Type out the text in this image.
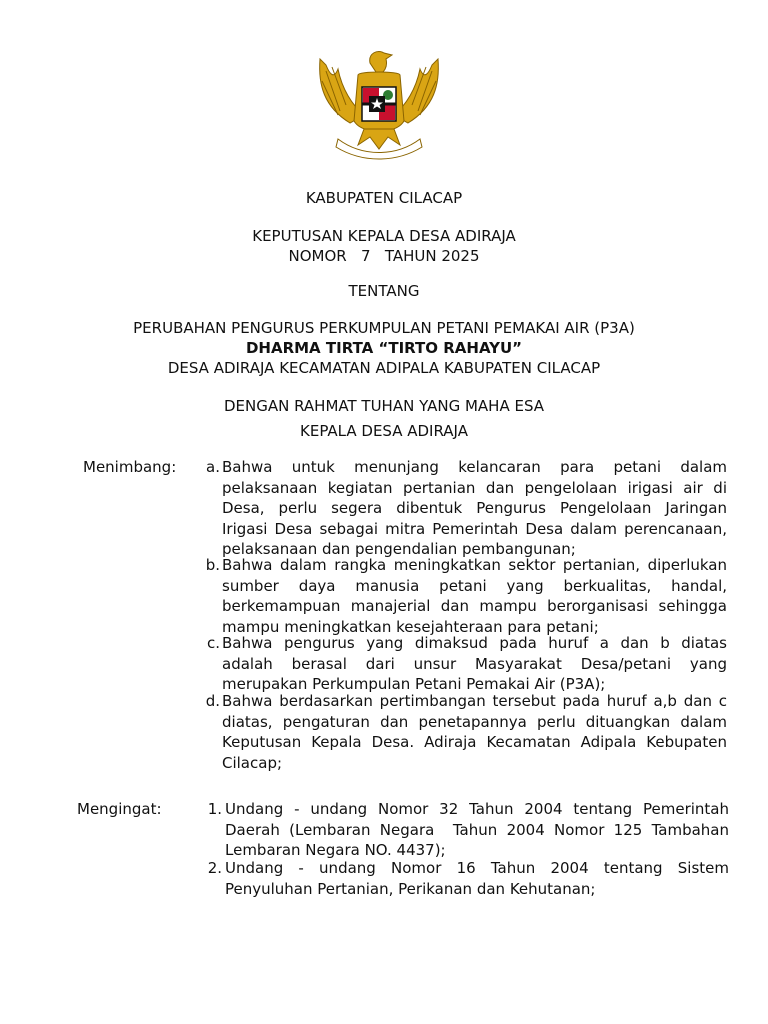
KABUPATEN CILACAP
KEPUTUSAN KEPALA DESA ADIRAJA
NOMOR   7   TAHUN 2025
TENTANG
PERUBAHAN PENGURUS PERKUMPULAN PETANI PEMAKAI AIR (P3A)
DHARMA TIRTA “TIRTO RAHAYU”
DESA ADIRAJA KECAMATAN ADIPALA KABUPATEN CILACAP
DENGAN RAHMAT TUHAN YANG MAHA ESA
KEPALA DESA ADIRAJA
Menimbang:	a. Bahwa untuk menunjang kelancaran para petani dalam
pelaksanaan kegiatan pertanian dan pengelolaan irigasi air di
Desa, perlu segera dibentuk Pengurus Pengelolaan Jaringan
Irigasi Desa sebagai mitra Pemerintah Desa dalam perencanaan,
pelaksanaan dan pengendalian pembangunan;
b. Bahwa dalam rangka meningkatkan sektor pertanian, diperlukan
sumber daya manusia petani yang berkualitas, handal,
berkemampuan manajerial dan mampu berorganisasi sehingga
mampu meningkatkan kesejahteraan para petani;
c. Bahwa pengurus yang dimaksud pada huruf a dan b diatas
adalah berasal dari unsur Masyarakat Desa/petani yang
merupakan Perkumpulan Petani Pemakai Air (P3A);
d. Bahwa berdasarkan pertimbangan tersebut pada huruf a,b dan c
diatas, pengaturan dan penetapannya perlu dituangkan dalam
Keputusan Kepala Desa. Adiraja Kecamatan Adipala Kebupaten
Cilacap;
Mengingat:	1. Undang - undang Nomor 32 Tahun 2004 tentang Pemerintah
Daerah (Lembaran Negara  Tahun 2004 Nomor 125 Tambahan
Lembaran Negara NO. 4437);
2. Undang - undang Nomor 16 Tahun 2004 tentang Sistem
Penyuluhan Pertanian, Perikanan dan Kehutanan;
